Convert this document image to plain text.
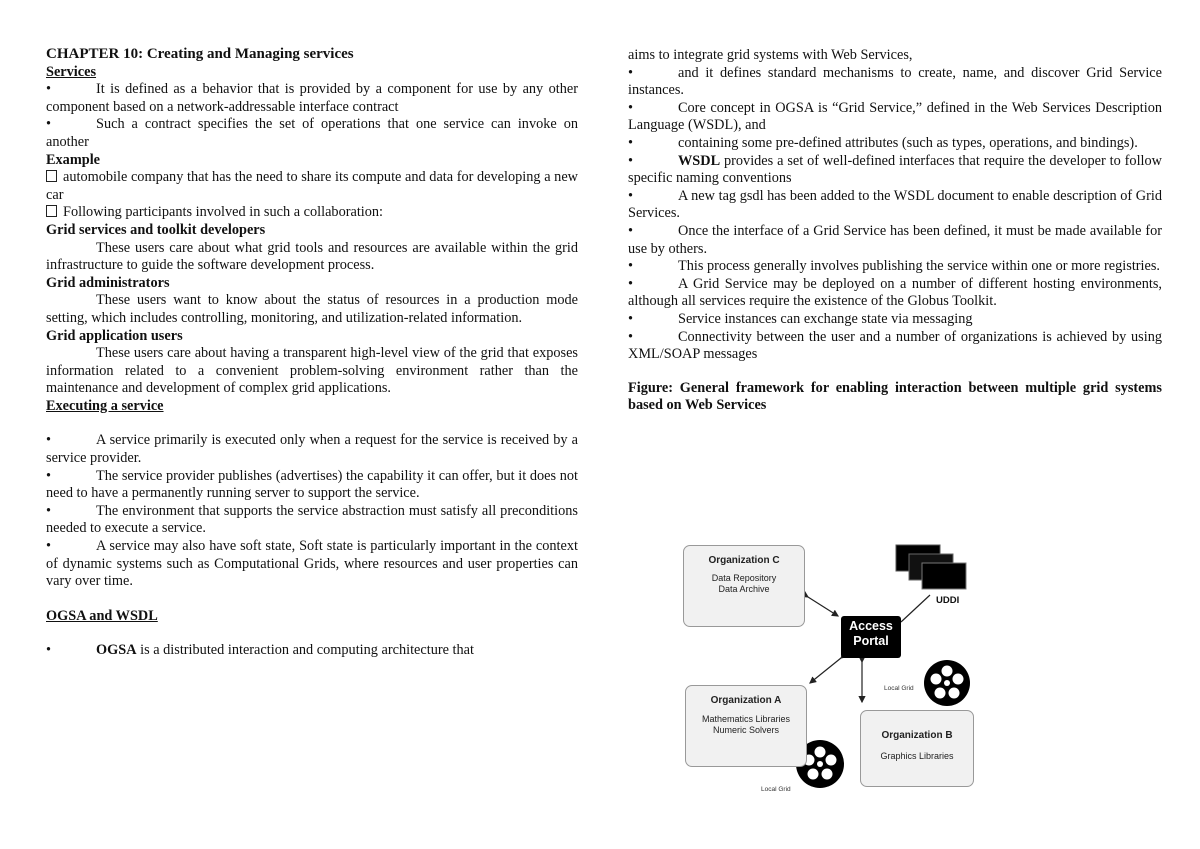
CHAPTER 10: Creating and Managing services
Services
•	It is defined as a behavior that is provided by a component for use by any other component based on a network-addressable interface contract
•	Such a contract specifies the set of operations that one service can invoke on another
Example
automobile company that has the need to share its compute and data for developing a new car
Following participants involved in such a collaboration:
Grid services and toolkit developers
These users care about what grid tools and resources are available within the grid infrastructure to guide the software development process.
Grid administrators
These users want to know about the status of resources in a production mode setting, which includes controlling, monitoring, and utilization-related information.
Grid application users
These users care about having a transparent high-level view of the grid that exposes information related to a convenient problem-solving environment rather than the maintenance and development of complex grid applications.
Executing a service
•	A service primarily is executed only when a request for the service is received by a service provider.
•	The service provider publishes (advertises) the capability it can offer, but it does not need to have a permanently running server to support the service.
•	The environment that supports the service abstraction must satisfy all preconditions needed to execute a service.
•	A service may also have soft state, Soft state is particularly important in the context of dynamic systems such as Computational Grids, where resources and user properties can vary over time.
OGSA and WSDL
•	OGSA is a distributed interaction and computing architecture that
aims to integrate grid systems with Web Services,
•	and it defines standard mechanisms to create, name, and discover Grid Service instances.
•	Core concept in OGSA is “Grid Service,” defined in the Web Services Description Language (WSDL), and
•	containing some pre-defined attributes (such as types, operations, and bindings).
•	WSDL provides a set of well-defined interfaces that require the developer to follow specific naming conventions
•	A new tag gsdl has been added to the WSDL document to enable description of Grid Services.
•	Once the interface of a Grid Service has been defined, it must be made available for use by others.
•	This process generally involves publishing the service within one or more registries.
•	A Grid Service may be deployed on a number of different hosting environments, although all services require the existence of the Globus Toolkit.
•	Service instances can exchange state via messaging
•	Connectivity between the user and a number of organizations is achieved by using XML/SOAP messages
Figure: General framework for enabling interaction between multiple grid systems based on Web Services
Organization C
Data Repository
Data Archive
Access
Portal
UDDI
Organization A
Mathematics Libraries
Numeric Solvers	Organization B
Graphics Libraries
Local Grid
Local Grid
